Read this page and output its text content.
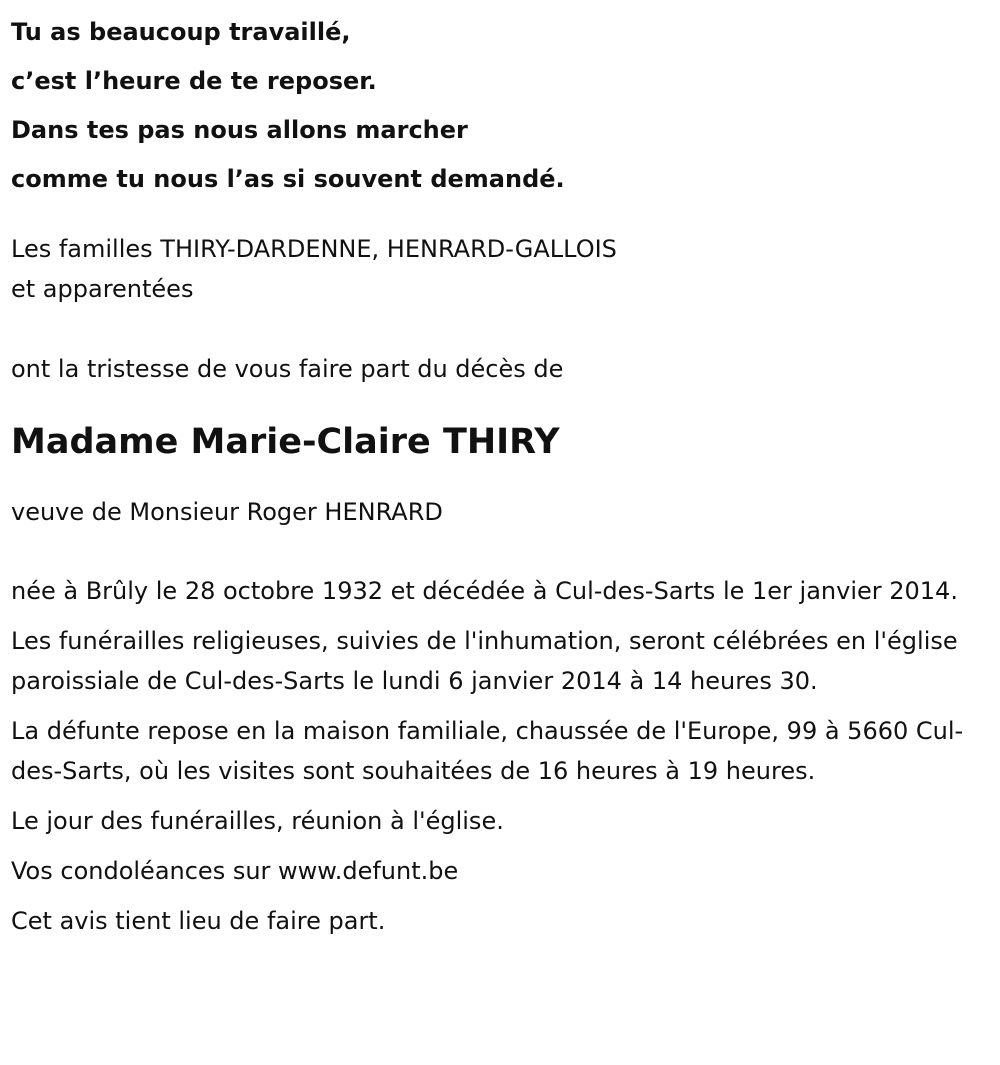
Tu as beaucoup travaillé,
c’est l’heure de te reposer.
Dans tes pas nous allons marcher
comme tu nous l’as si souvent demandé.
Les familles THIRY-DARDENNE, HENRARD-GALLOIS
et apparentées
ont la tristesse de vous faire part du décès de
Madame Marie-Claire THIRY
veuve de Monsieur Roger HENRARD

née à Brûly le 28 octobre 1932 et décédée à Cul-des-Sarts le 1er janvier 2014.

Les funérailles religieuses, suivies de l'inhumation, seront célébrées en l'église paroissiale de Cul-des-Sarts le lundi 6 janvier 2014 à 14 heures 30.

La défunte repose en la maison familiale, chaussée de l'Europe, 99 à 5660 Cul-des-Sarts, où les visites sont souhaitées de 16 heures à 19 heures.

Le jour des funérailles, réunion à l'église.

Vos condoléances sur www.defunt.be

Cet avis tient lieu de faire part.
